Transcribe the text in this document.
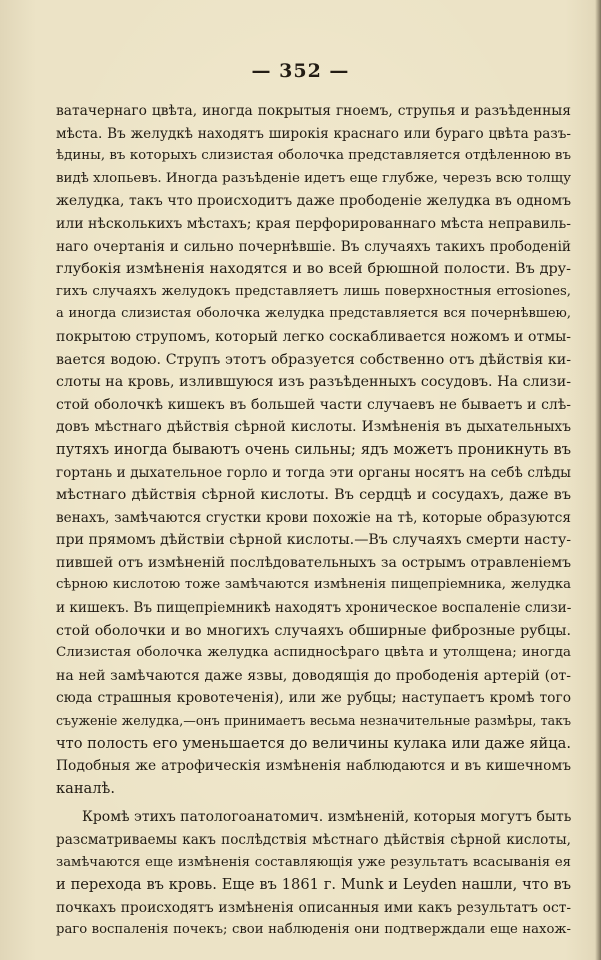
— 352 —
ватачернаго цвѣта, иногда покрытыя гноемъ, струпья и разъѣденныя
мѣста. Въ желудкѣ находятъ широкія краснаго или бураго цвѣта разъ-
ѣдины, въ которыхъ слизистая оболочка представляется отдѣленною въ
видѣ хлопьевъ. Иногда разъѣденіе идетъ еще глубже, черезъ всю толщу
желудка, такъ что происходитъ даже прободеніе желудка въ одномъ
или нѣсколькихъ мѣстахъ; края перфорированнаго мѣста неправиль-
наго очертанія и сильно почернѣвшіе. Въ случаяхъ такихъ прободеній
глубокія измѣненія находятся и во всей брюшной полости. Въ дру-
гихъ случаяхъ желудокъ представляетъ лишь поверхностныя errosiones,
а иногда слизистая оболочка желудка представляется вся почернѣвшею,
покрытою струпомъ, который легко соскабливается ножомъ и отмы-
вается водою. Струпъ этотъ образуется собственно отъ дѣйствія ки-
слоты на кровь, излившуюся изъ разъѣденныхъ сосудовъ. На слизи-
стой оболочкѣ кишекъ въ большей части случаевъ не бываетъ и слѣ-
довъ мѣстнаго дѣйствія сѣрной кислоты. Измѣненія въ дыхательныхъ
путяхъ иногда бываютъ очень сильны; ядъ можетъ проникнуть въ
гортань и дыхательное горло и тогда эти органы носятъ на себѣ слѣды
мѣстнаго дѣйствія сѣрной кислоты. Въ сердцѣ и сосудахъ, даже въ
венахъ, замѣчаются сгустки крови похожіе на тѣ, которые образуются
при прямомъ дѣйствіи сѣрной кислоты.—Въ случаяхъ смерти насту-
пившей отъ измѣненій послѣдовательныхъ за острымъ отравленіемъ
сѣрною кислотою тоже замѣчаются измѣненія пищепріемника, желудка
и кишекъ. Въ пищепріемникѣ находятъ хроническое воспаленіе слизи-
стой оболочки и во многихъ случаяхъ обширные фиброзные рубцы.
Слизистая оболочка желудка аспидносѣраго цвѣта и утолщена; иногда
на ней замѣчаются даже язвы, доводящія до прободенія артерій (от-
сюда страшныя кровотеченія), или же рубцы; наступаетъ кромѣ того
съуженіе желудка,—онъ принимаетъ весьма незначительные размѣры, такъ
что полость его уменьшается до величины кулака или даже яйца.
Подобныя же атрофическія измѣненія наблюдаются и въ кишечномъ
каналѣ.
Кромѣ этихъ патологоанатомич. измѣненій, которыя могутъ быть
разсматриваемы какъ послѣдствія мѣстнаго дѣйствія сѣрной кислоты,
замѣчаются еще измѣненія составляющія уже результатъ всасыванія ея
и перехода въ кровь. Еще въ 1861 г. Munk и Leyden нашли, что въ
почкахъ происходятъ измѣненія описанныя ими какъ результатъ ост-
раго воспаленія почекъ; свои наблюденія они подтверждали еще нахож-
